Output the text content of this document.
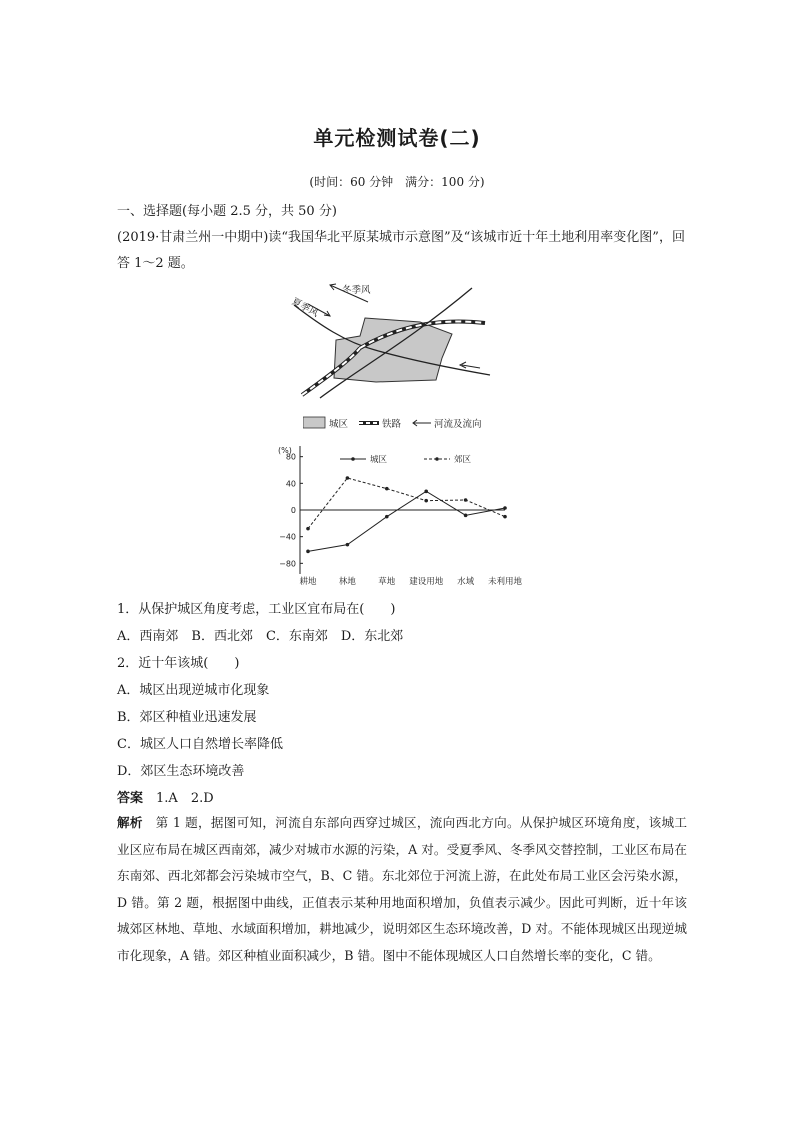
单元检测试卷(二)
(时间：60 分钟　满分：100 分)
一、选择题(每小题 2.5 分，共 50 分)
(2019·甘肃兰州一中期中)读“我国华北平原某城市示意图”及“该城市近十年土地利用率变化图”，回答 1～2 题。
冬季风
夏季风
城区	铁路	河流及流向
(%)
80
40
0
−40
−80
耕地	林地	草地 建设用地 水域 未利用地
城区	郊区
1．从保护城区角度考虑，工业区宜布局在(　　)
A．西南郊　B．西北郊　C．东南郊　D．东北郊
2．近十年该城(　　)
A．城区出现逆城市化现象
B．郊区种植业迅速发展
C．城区人口自然增长率降低
D．郊区生态环境改善
答案　 1.A　2.D
解析　 第 1 题，据图可知，河流自东部向西穿过城区，流向西北方向。从保护城区环境角度，该城工业区应布局在城区西南郊，减少对城市水源的污染，A 对。受夏季风、冬季风交替控制，工业区布局在东南郊、西北郊都会污染城市空气，B、C 错。东北郊位于河流上游，在此处布局工业区会污染水源，D 错。第 2 题，根据图中曲线，正值表示某种用地面积增加，负值表示减少。因此可判断，近十年该城郊区林地、草地、水域面积增加，耕地减少，说明郊区生态环境改善，D 对。不能体现城区出现逆城市化现象，A 错。郊区种植业面积减少，B 错。图中不能体现城区人口自然增长率的变化，C 错。
